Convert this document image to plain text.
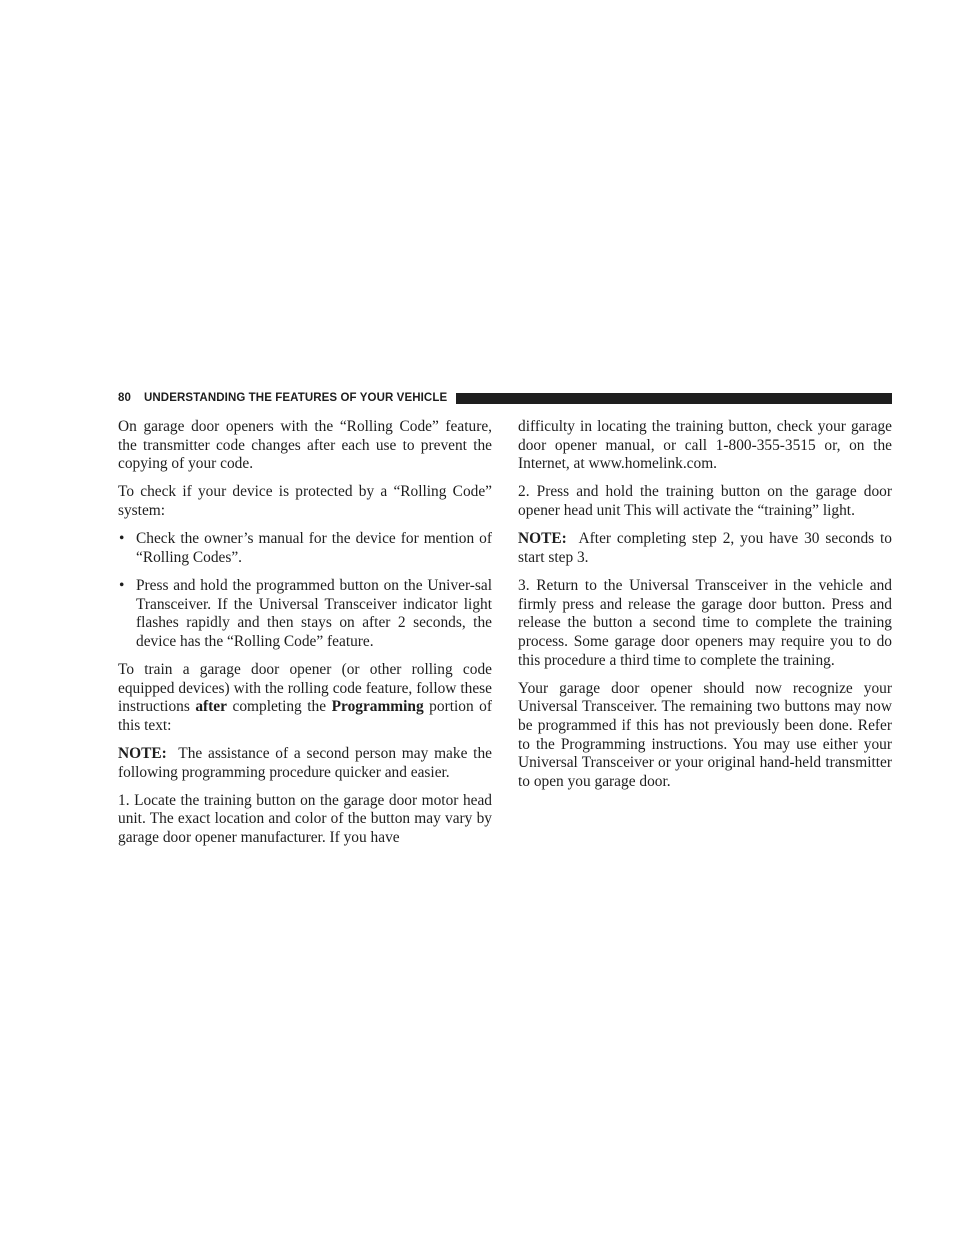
80 UNDERSTANDING THE FEATURES OF YOUR VEHICLE

On garage door openers with the “Rolling Code” feature, the transmitter code changes after each use to prevent the copying of your code.

To check if your device is protected by a “Rolling Code” system:

• Check the owner’s manual for the device for mention of “Rolling Codes”.
• Press and hold the programmed button on the Univer-sal Transceiver. If the Universal Transceiver indicator light flashes rapidly and then stays on after 2 seconds, the device has the “Rolling Code” feature.

To train a garage door opener (or other rolling code equipped devices) with the rolling code feature, follow these instructions after completing the Programming portion of this text:

NOTE: The assistance of a second person may make the following programming procedure quicker and easier.

1. Locate the training button on the garage door motor head unit. The exact location and color of the button may vary by garage door opener manufacturer. If you have

difficulty in locating the training button, check your garage door opener manual, or call 1-800-355-3515 or, on the Internet, at www.homelink.com.

2. Press and hold the training button on the garage door opener head unit This will activate the “training” light.

NOTE: After completing step 2, you have 30 seconds to start step 3.

3. Return to the Universal Transceiver in the vehicle and firmly press and release the garage door button. Press and release the button a second time to complete the training process. Some garage door openers may require you to do this procedure a third time to complete the training.

Your garage door opener should now recognize your Universal Transceiver. The remaining two buttons may now be programmed if this has not previously been done. Refer to the Programming instructions. You may use either your Universal Transceiver or your original hand-held transmitter to open you garage door.
